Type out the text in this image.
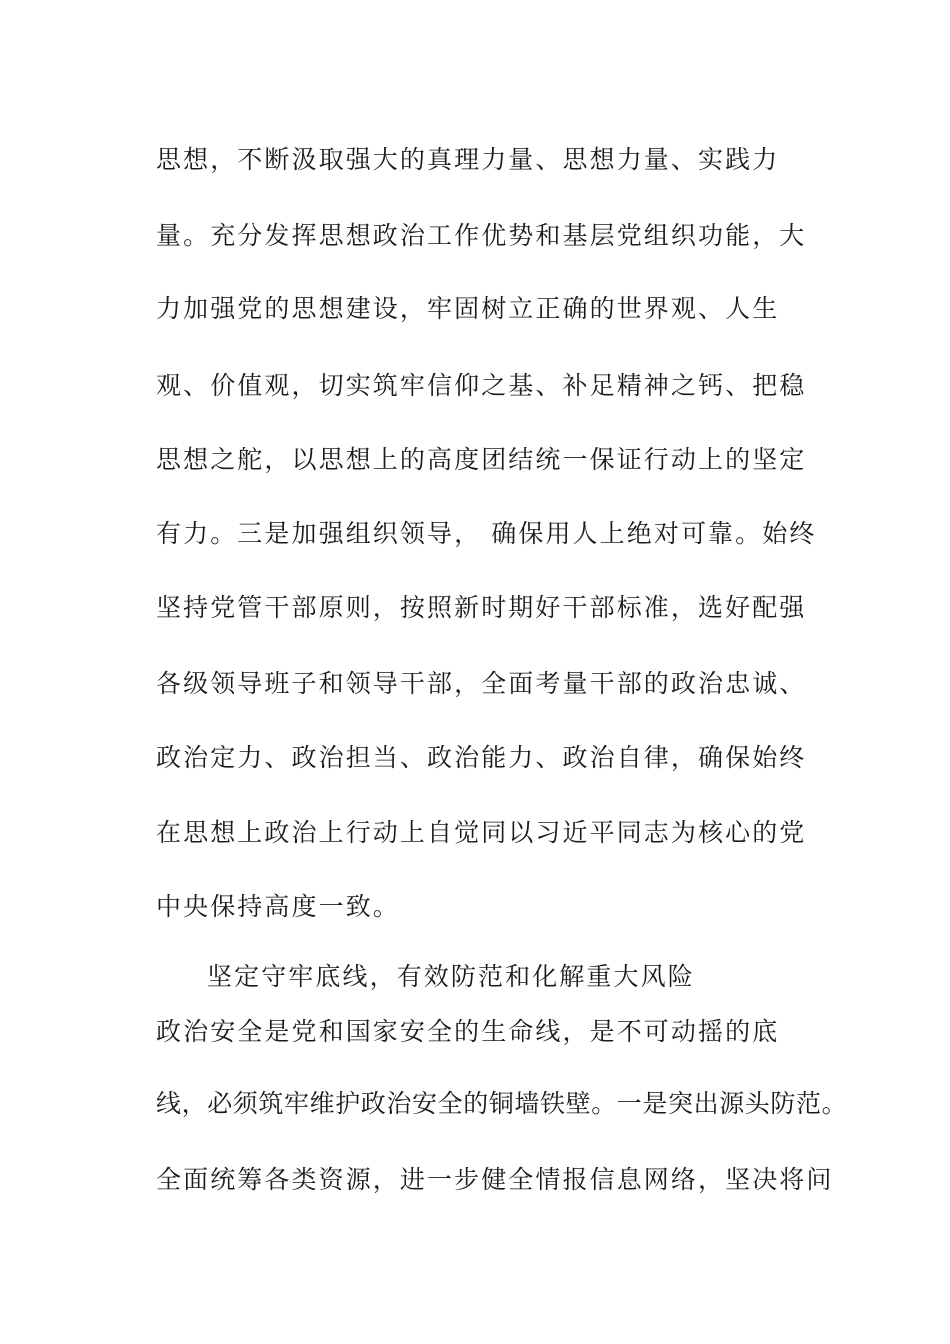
思想，不断汲取强大的真理力量、思想力量、实践力
量。充分发挥思想政治工作优势和基层党组织功能，大
力加强党的思想建设，牢固树立正确的世界观、人生
观、价值观，切实筑牢信仰之基、补足精神之钙、把稳
思想之舵，以思想上的高度团结统一保证行动上的坚定
有力。三是加强组织领导， 确保用人上绝对可靠。始终
坚持党管干部原则，按照新时期好干部标准，选好配强
各级领导班子和领导干部，全面考量干部的政治忠诚、
政治定力、政治担当、政治能力、政治自律，确保始终
在思想上政治上行动上自觉同以习近平同志为核心的党
中央保持高度一致。
坚定守牢底线，有效防范和化解重大风险
政治安全是党和国家安全的生命线，是不可动摇的底
线，必须筑牢维护政治安全的铜墙铁壁。一是突出源头防范。
全面统筹各类资源，进一步健全情报信息网络，坚决将问
